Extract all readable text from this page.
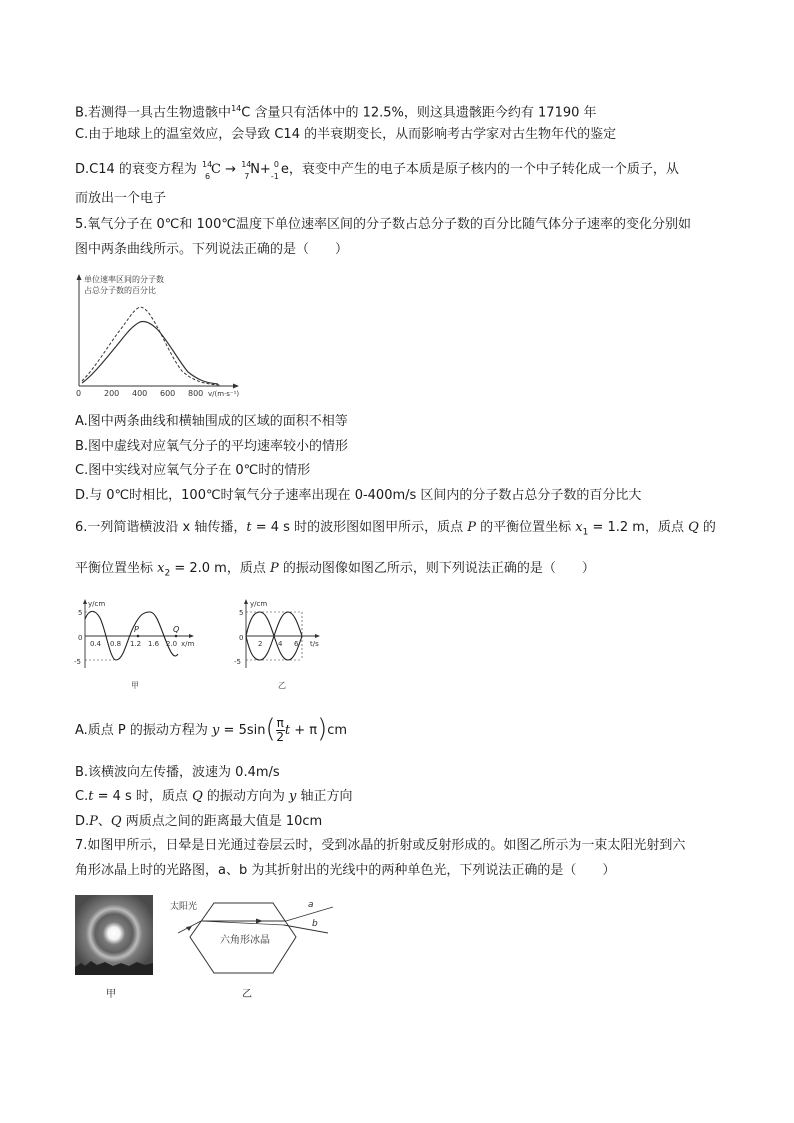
B.若测得一具古生物遗骸中$^{14}$C 含量只有活体中的 12.5%，则这具遗骸距今约有 17190 年
C.由于地球上的温室效应，会导致 C14 的半衰期变长，从而影响考古学家对古生物年代的鉴定
D.C14 的衰变方程为 14
6 C → 14
7 N+ 0
-1 e，衰变中产生的电子本质是原子核内的一个中子转化成一个质子，从
而放出一个电子
5.氧气分子在 0℃和 100℃温度下单位速率区间的分子数占总分子数的百分比随气体分子速率的变化分别如
图中两条曲线所示。下列说法正确的是（　　）
单位速率区间的分子数
占总分子数的百分比
0	200 400 600 800 v/(m·s⁻¹)
A.图中两条曲线和横轴围成的区域的面积不相等
B.图中虚线对应氧气分子的平均速率较小的情形
C.图中实线对应氧气分子在 0℃时的情形
D.与 0℃时相比，100℃时氧气分子速率出现在 0-400m/s 区间内的分子数占总分子数的百分比大
6.一列简谐横波沿 x 轴传播，t = 4 s 时的波形图如图甲所示，质点 P 的平衡位置坐标 $x_1 = 1.2$ m，质点 Q 的
平衡位置坐标 $x_2 = 2.0$ m，质点 P 的振动图像如图乙所示，则下列说法正确的是（　　）
y/cm
x/m
5
-5
0
P	Q
0.4 0.8 1.2 1.6 2.0
甲
y/cm
t/s
5
-5
0
2 4 6
乙
A.质点 P 的振动方程为 $y = 5\sin( \frac{\pi}{2}$ t + π)cm
B.该横波向左传播，波速为 0.4m/s
C.t = 4 s 时，质点 Q 的振动方向为 y 轴正方向
D.P、Q 两质点之间的距离最大值是 10cm
7.如图甲所示，日晕是日光通过卷层云时，受到冰晶的折射或反射形成的。如图乙所示为一束太阳光射到六
角形冰晶上时的光路图，a、b 为其折射出的光线中的两种单色光，下列说法正确的是（　　）
甲
太阳光
六角形冰晶
a
b
乙
